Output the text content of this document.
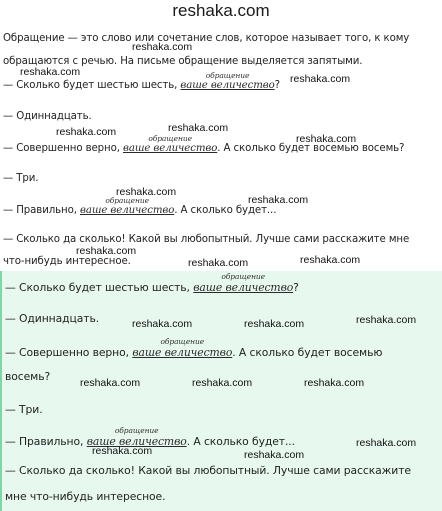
Обращение — это слово или сочетание слов, которое называет того, к кому
обращаются с речью. На письме обращение выделяется запятыми.
— Сколько будет шестью шесть,
обращение
ваше величество?
— Одиннадцать.
— Совершенно верно,
обращение
ваше величество. А сколько будет восемью восемь?
— Три.
— Правильно,
обращение
ваше величество. А сколько будет...
— Сколько да сколько! Какой вы любопытный. Лучше сами расскажите мне
что-нибудь интересное.
— Сколько будет шестью шесть,
обращение
ваше величество?
— Одиннадцать.
— Совершенно верно,
обращение
ваше величество. А сколько будет восемью
восемь?
— Три.
— Правильно,
обращение
ваше величество. А сколько будет...
— Сколько да сколько! Какой вы любопытный. Лучше сами расскажите
мне что-нибудь интересное.
reshaka.com
reshaka.com
reshaka.com
reshaka.com
reshaka.com
reshaka.com
reshaka.com
reshaka.com
reshaka.com
reshaka.com
reshaka.com	reshaka.com
reshaka.com	reshaka.com	reshaka.com
reshaka.com	reshaka.com	reshaka.com
reshaka.com	reshaka.com
reshaka.com
